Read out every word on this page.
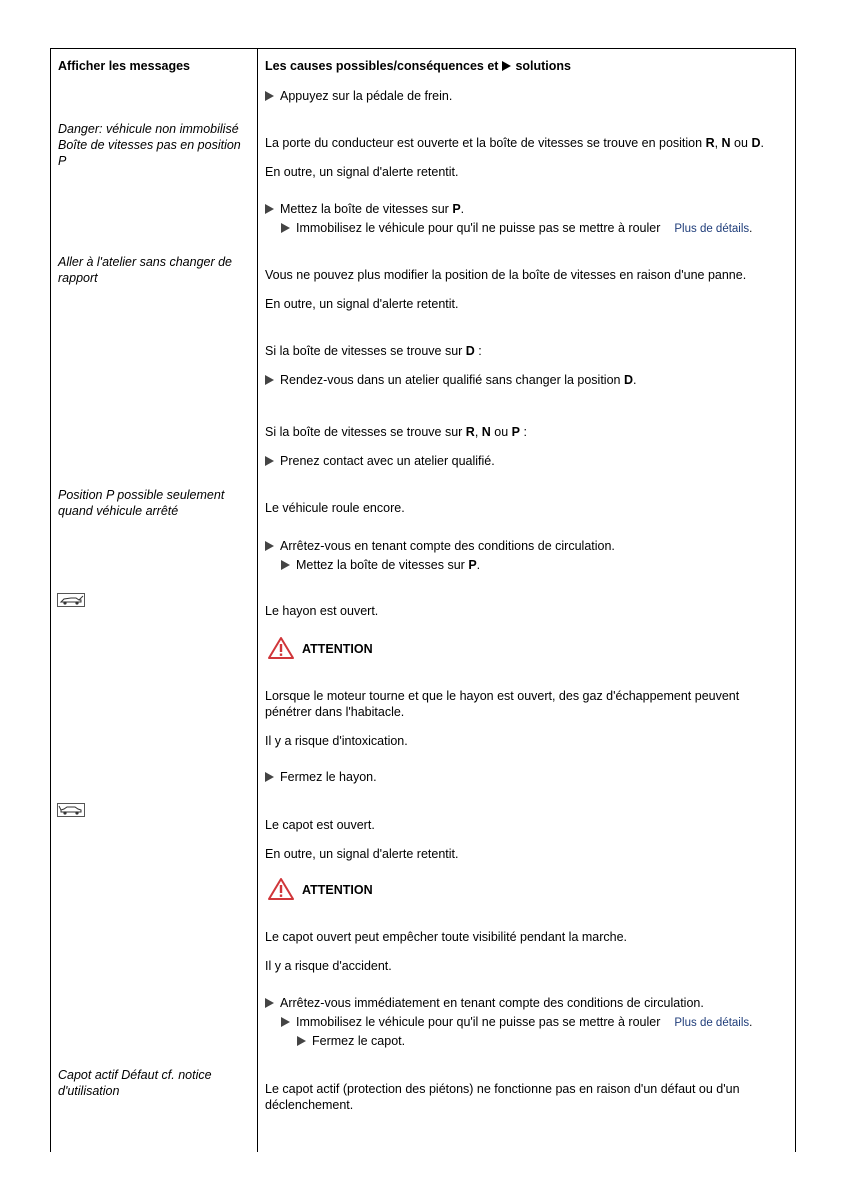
Afficher les messages	Les causes possibles/conséquences et solutions
Danger: véhicule non immobilisé
Boîte de vitesses pas en position
P
Aller à l'atelier sans changer de
rapport
Position P possible seulement
quand véhicule arrêté
Capot actif Défaut cf. notice
d'utilisation
Appuyez sur la pédale de frein.
La porte du conducteur est ouverte et la boîte de vitesses se trouve en position R, N ou D.
En outre, un signal d'alerte retentit.
Mettez la boîte de vitesses sur P.
Immobilisez le véhicule pour qu'il ne puisse pas se mettre à rouler Plus de détails.
Vous ne pouvez plus modifier la position de la boîte de vitesses en raison d'une panne.
En outre, un signal d'alerte retentit.
Si la boîte de vitesses se trouve sur D :
Rendez-vous dans un atelier qualifié sans changer la position D.
Si la boîte de vitesses se trouve sur R, N ou P :
Prenez contact avec un atelier qualifié.
Le véhicule roule encore.
Arrêtez-vous en tenant compte des conditions de circulation.
Mettez la boîte de vitesses sur P.
Le hayon est ouvert.
ATTENTION
Lorsque le moteur tourne et que le hayon est ouvert, des gaz d'échappement peuvent
pénétrer dans l'habitacle.
Il y a risque d'intoxication.
Fermez le hayon.
Le capot est ouvert.
En outre, un signal d'alerte retentit.
ATTENTION
Le capot ouvert peut empêcher toute visibilité pendant la marche.
Il y a risque d'accident.
Arrêtez-vous immédiatement en tenant compte des conditions de circulation.
Immobilisez le véhicule pour qu'il ne puisse pas se mettre à rouler Plus de détails.
Fermez le capot.
Le capot actif (protection des piétons) ne fonctionne pas en raison d'un défaut ou d'un
déclenchement.
